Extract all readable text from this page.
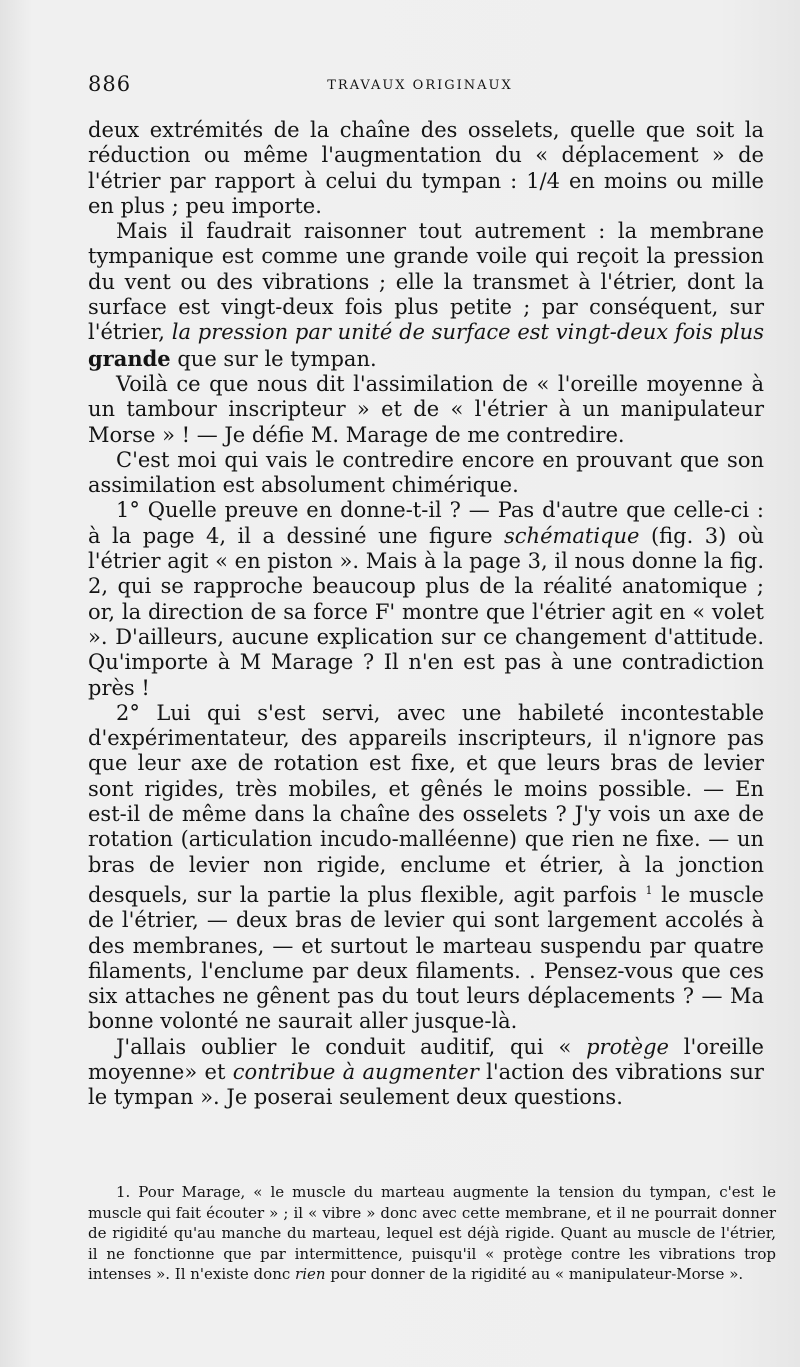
886	TRAVAUX ORIGINAUX

deux extrémités de la chaîne des osselets, quelle que soit la réduction ou même l'augmentation du « déplacement » de l'étrier par rapport à celui du tympan : 1/4 en moins ou mille en plus ; peu importe.

Mais il faudrait raisonner tout autrement : la membrane tympanique est comme une grande voile qui reçoit la pression du vent ou des vibrations ; elle la transmet à l'étrier, dont la surface est vingt-deux fois plus petite ; par conséquent, sur l'étrier, la pression par unité de surface est vingt-deux fois plus grande que sur le tympan.

Voilà ce que nous dit l'assimilation de « l'oreille moyenne à un tambour inscripteur » et de « l'étrier à un manipulateur Morse » ! — Je défie M. Marage de me contredire.

C'est moi qui vais le contredire encore en prouvant que son assimilation est absolument chimérique.

1° Quelle preuve en donne-t-il ? — Pas d'autre que celle-ci : à la page 4, il a dessiné une figure schématique (fig. 3) où l'étrier agit « en piston ». Mais à la page 3, il nous donne la fig. 2, qui se rapproche beaucoup plus de la réalité anatomique ; or, la direction de sa force F' montre que l'étrier agit en « volet ». D'ailleurs, aucune explication sur ce changement d'attitude. Qu'importe à M Marage ? Il n'en est pas à une contradiction près !

2° Lui qui s'est servi, avec une habileté incontestable d'expérimentateur, des appareils inscripteurs, il n'ignore pas que leur axe de rotation est fixe, et que leurs bras de levier sont rigides, très mobiles, et gênés le moins possible. — En est-il de même dans la chaîne des osselets ? J'y vois un axe de rotation (articulation incudo-malléenne) que rien ne fixe. — un bras de levier non rigide, enclume et étrier, à la jonction desquels, sur la partie la plus flexible, agit parfois $^1$ le muscle de l'étrier, — deux bras de levier qui sont largement accolés à des membranes, — et surtout le marteau suspendu par quatre filaments, l'enclume par deux filaments. . Pensez-vous que ces six attaches ne gênent pas du tout leurs déplacements ? — Ma bonne volonté ne saurait aller jusque-là.

J'allais oublier le conduit auditif, qui « protège l'oreille moyenne» et contribue à augmenter l'action des vibrations sur le tympan ». Je poserai seulement deux questions.

1. Pour Marage, « le muscle du marteau augmente la tension du tympan, c'est le muscle qui fait écouter » ; il « vibre » donc avec cette membrane, et il ne pourrait donner de rigidité qu'au manche du marteau, lequel est déjà rigide. Quant au muscle de l'étrier, il ne fonctionne que par intermittence, puisqu'il « protège contre les vibrations trop intenses ». Il n'existe donc rien pour donner de la rigidité au « manipulateur-Morse ».
